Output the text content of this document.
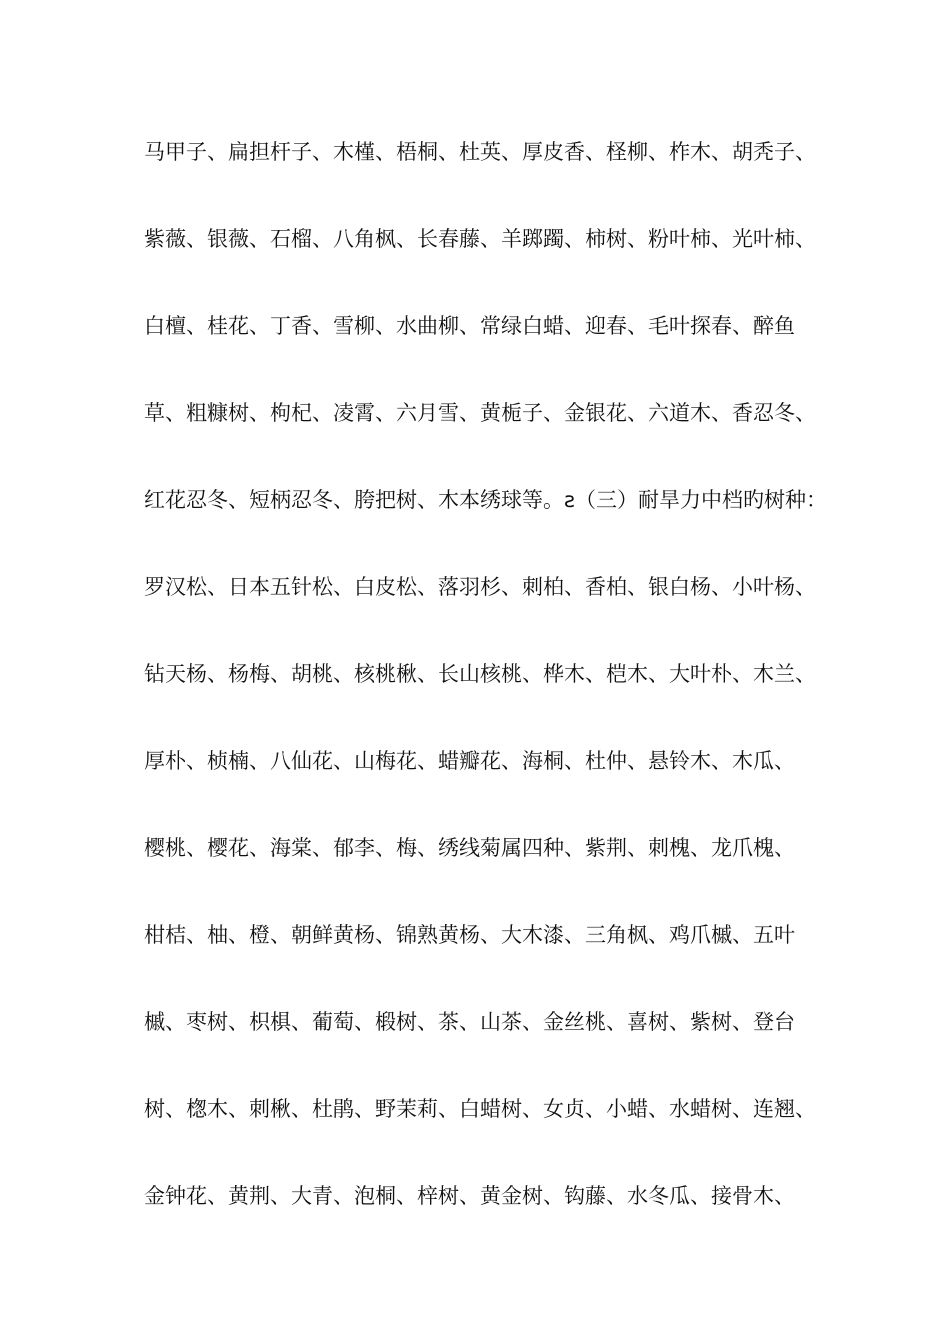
马甲子、扁担杆子、木槿、梧桐、杜英、厚皮香、柽柳、柞木、胡秃子、
紫薇、银薇、石榴、八角枫、长春藤、羊踯躅、柿树、粉叶柿、光叶柿、
白檀、桂花、丁香、雪柳、水曲柳、常绿白蜡、迎春、毛叶探春、醉鱼
草、粗糠树、枸杞、凌霄、六月雪、黄栀子、金银花、六道木、香忍冬、
红花忍冬、短柄忍冬、胯把树、木本绣球等。ƨ（三）耐旱力中档旳树种：
罗汉松、日本五针松、白皮松、落羽杉、刺柏、香柏、银白杨、小叶杨、
钻天杨、杨梅、胡桃、核桃楸、长山核桃、桦木、桤木、大叶朴、木兰、
厚朴、桢楠、八仙花、山梅花、蜡瓣花、海桐、杜仲、悬铃木、木瓜、
樱桃、樱花、海棠、郁李、梅、绣线菊属四种、紫荆、刺槐、龙爪槐、
柑桔、柚、橙、朝鲜黄杨、锦熟黄杨、大木漆、三角枫、鸡爪槭、五叶
槭、枣树、枳椇、葡萄、椴树、茶、山茶、金丝桃、喜树、紫树、登台
树、楤木、刺楸、杜鹃、野茉莉、白蜡树、女贞、小蜡、水蜡树、连翘、
金钟花、黄荆、大青、泡桐、梓树、黄金树、钩藤、水冬瓜、接骨木、
